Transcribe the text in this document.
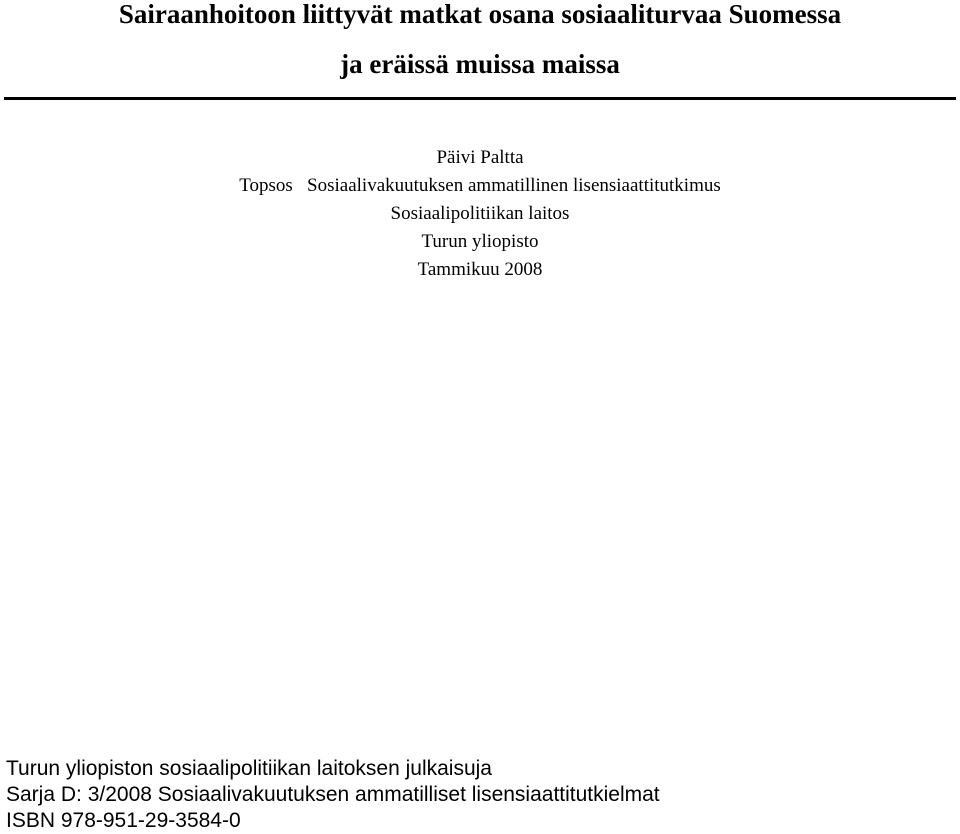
Sairaanhoitoon liittyvät matkat osana sosiaaliturvaa Suomessa
ja eräissä muissa maissa
Päivi Paltta
Topsos   Sosiaalivakuutuksen ammatillinen lisensiaattitutkimus
Sosiaalipolitiikan laitos
Turun yliopisto
Tammikuu 2008
Turun yliopiston sosiaalipolitiikan laitoksen julkaisuja
Sarja D: 3/2008 Sosiaalivakuutuksen ammatilliset lisensiaattitutkielmat
ISBN 978-951-29-3584-0
